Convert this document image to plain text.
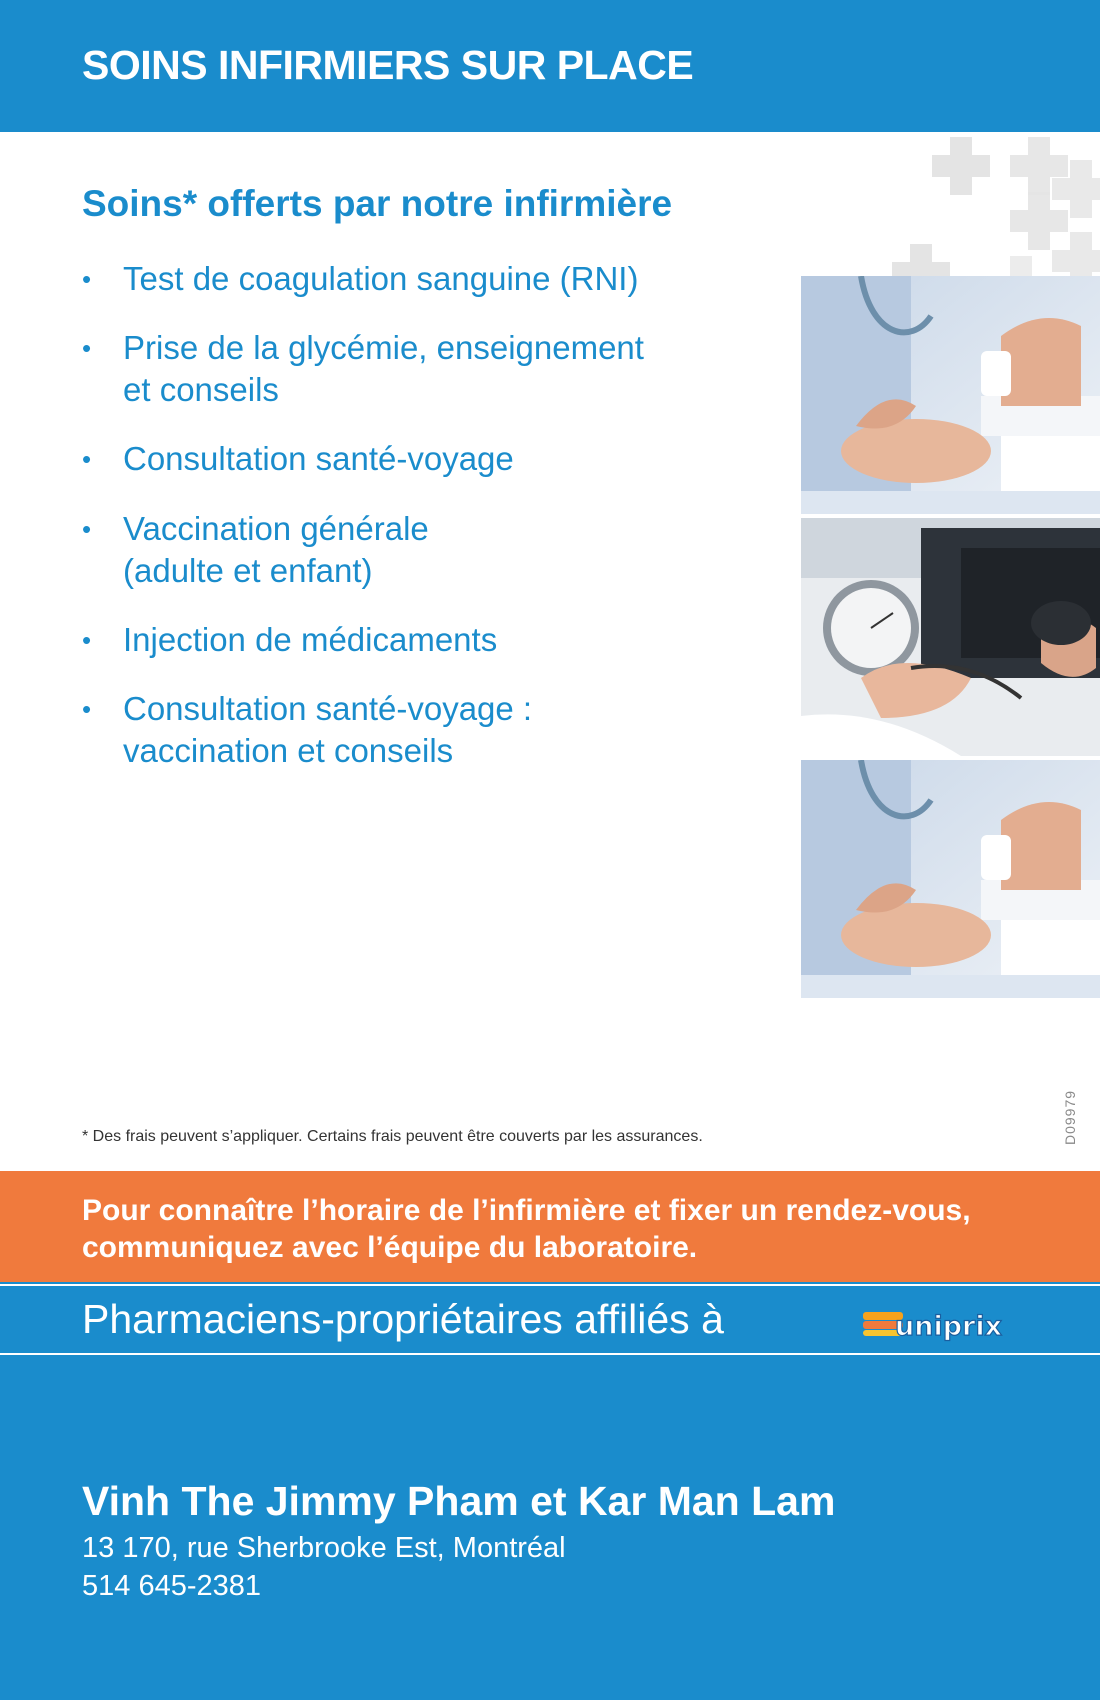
SOINS INFIRMIERS SUR PLACE
Soins* offerts par notre infirmière
• Test de coagulation sanguine (RNI)
• Prise de la glycémie, enseignement
et conseils
• Consultation santé-voyage
• Vaccination générale
(adulte et enfant)
• Injection de médicaments
• Consultation santé-voyage :
vaccination et conseils
D09979
* Des frais peuvent s’appliquer. Certains frais peuvent être couverts par les assurances.
Pour connaître l’horaire de l’infirmière et fixer un rendez-vous,
communiquez avec l’équipe du laboratoire.
Pharmaciens-propriétaires affiliés à	uniprix
Vinh The Jimmy Pham et Kar Man Lam
13 170, rue Sherbrooke Est, Montréal
514 645-2381
